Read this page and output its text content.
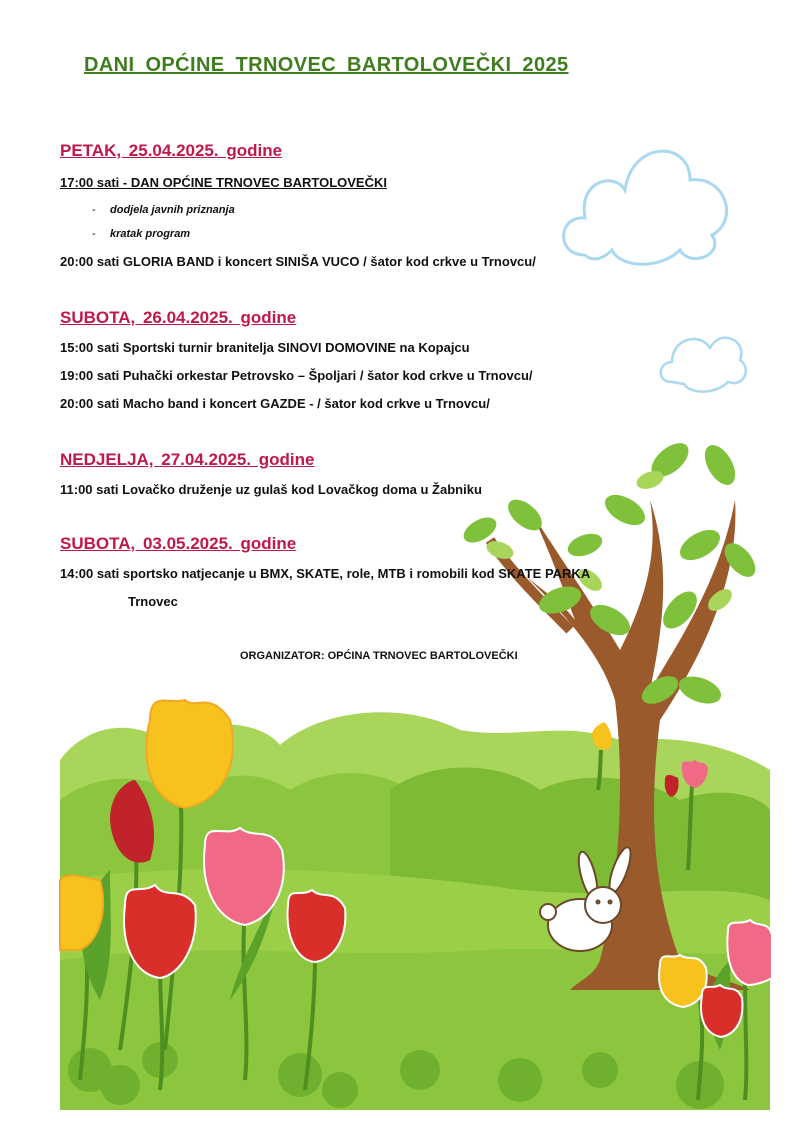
DANI OPĆINE TRNOVEC BARTOLOVEČKI 2025
PETAK, 25.04.2025. godine
17:00 sati - DAN OPĆINE TRNOVEC BARTOLOVEČKI
- dodjela javnih priznanja
- kratak program
20:00 sati GLORIA BAND i koncert SINIŠA VUCO / šator kod crkve u Trnovcu/
SUBOTA, 26.04.2025. godine
15:00 sati Sportski turnir branitelja SINOVI DOMOVINE na Kopajcu
19:00 sati Puhački orkestar Petrovsko – Špoljari / šator kod crkve u Trnovcu/
20:00 sati Macho band i koncert GAZDE - / šator kod crkve u Trnovcu/
NEDJELJA, 27.04.2025. godine
11:00 sati Lovačko druženje uz gulaš kod Lovačkog doma u Žabniku
SUBOTA, 03.05.2025. godine
14:00 sati sportsko natjecanje u BMX, SKATE, role, MTB i romobili kod SKATE PARKA
Trnovec
ORGANIZATOR: OPĆINA TRNOVEC BARTOLOVEČKI
